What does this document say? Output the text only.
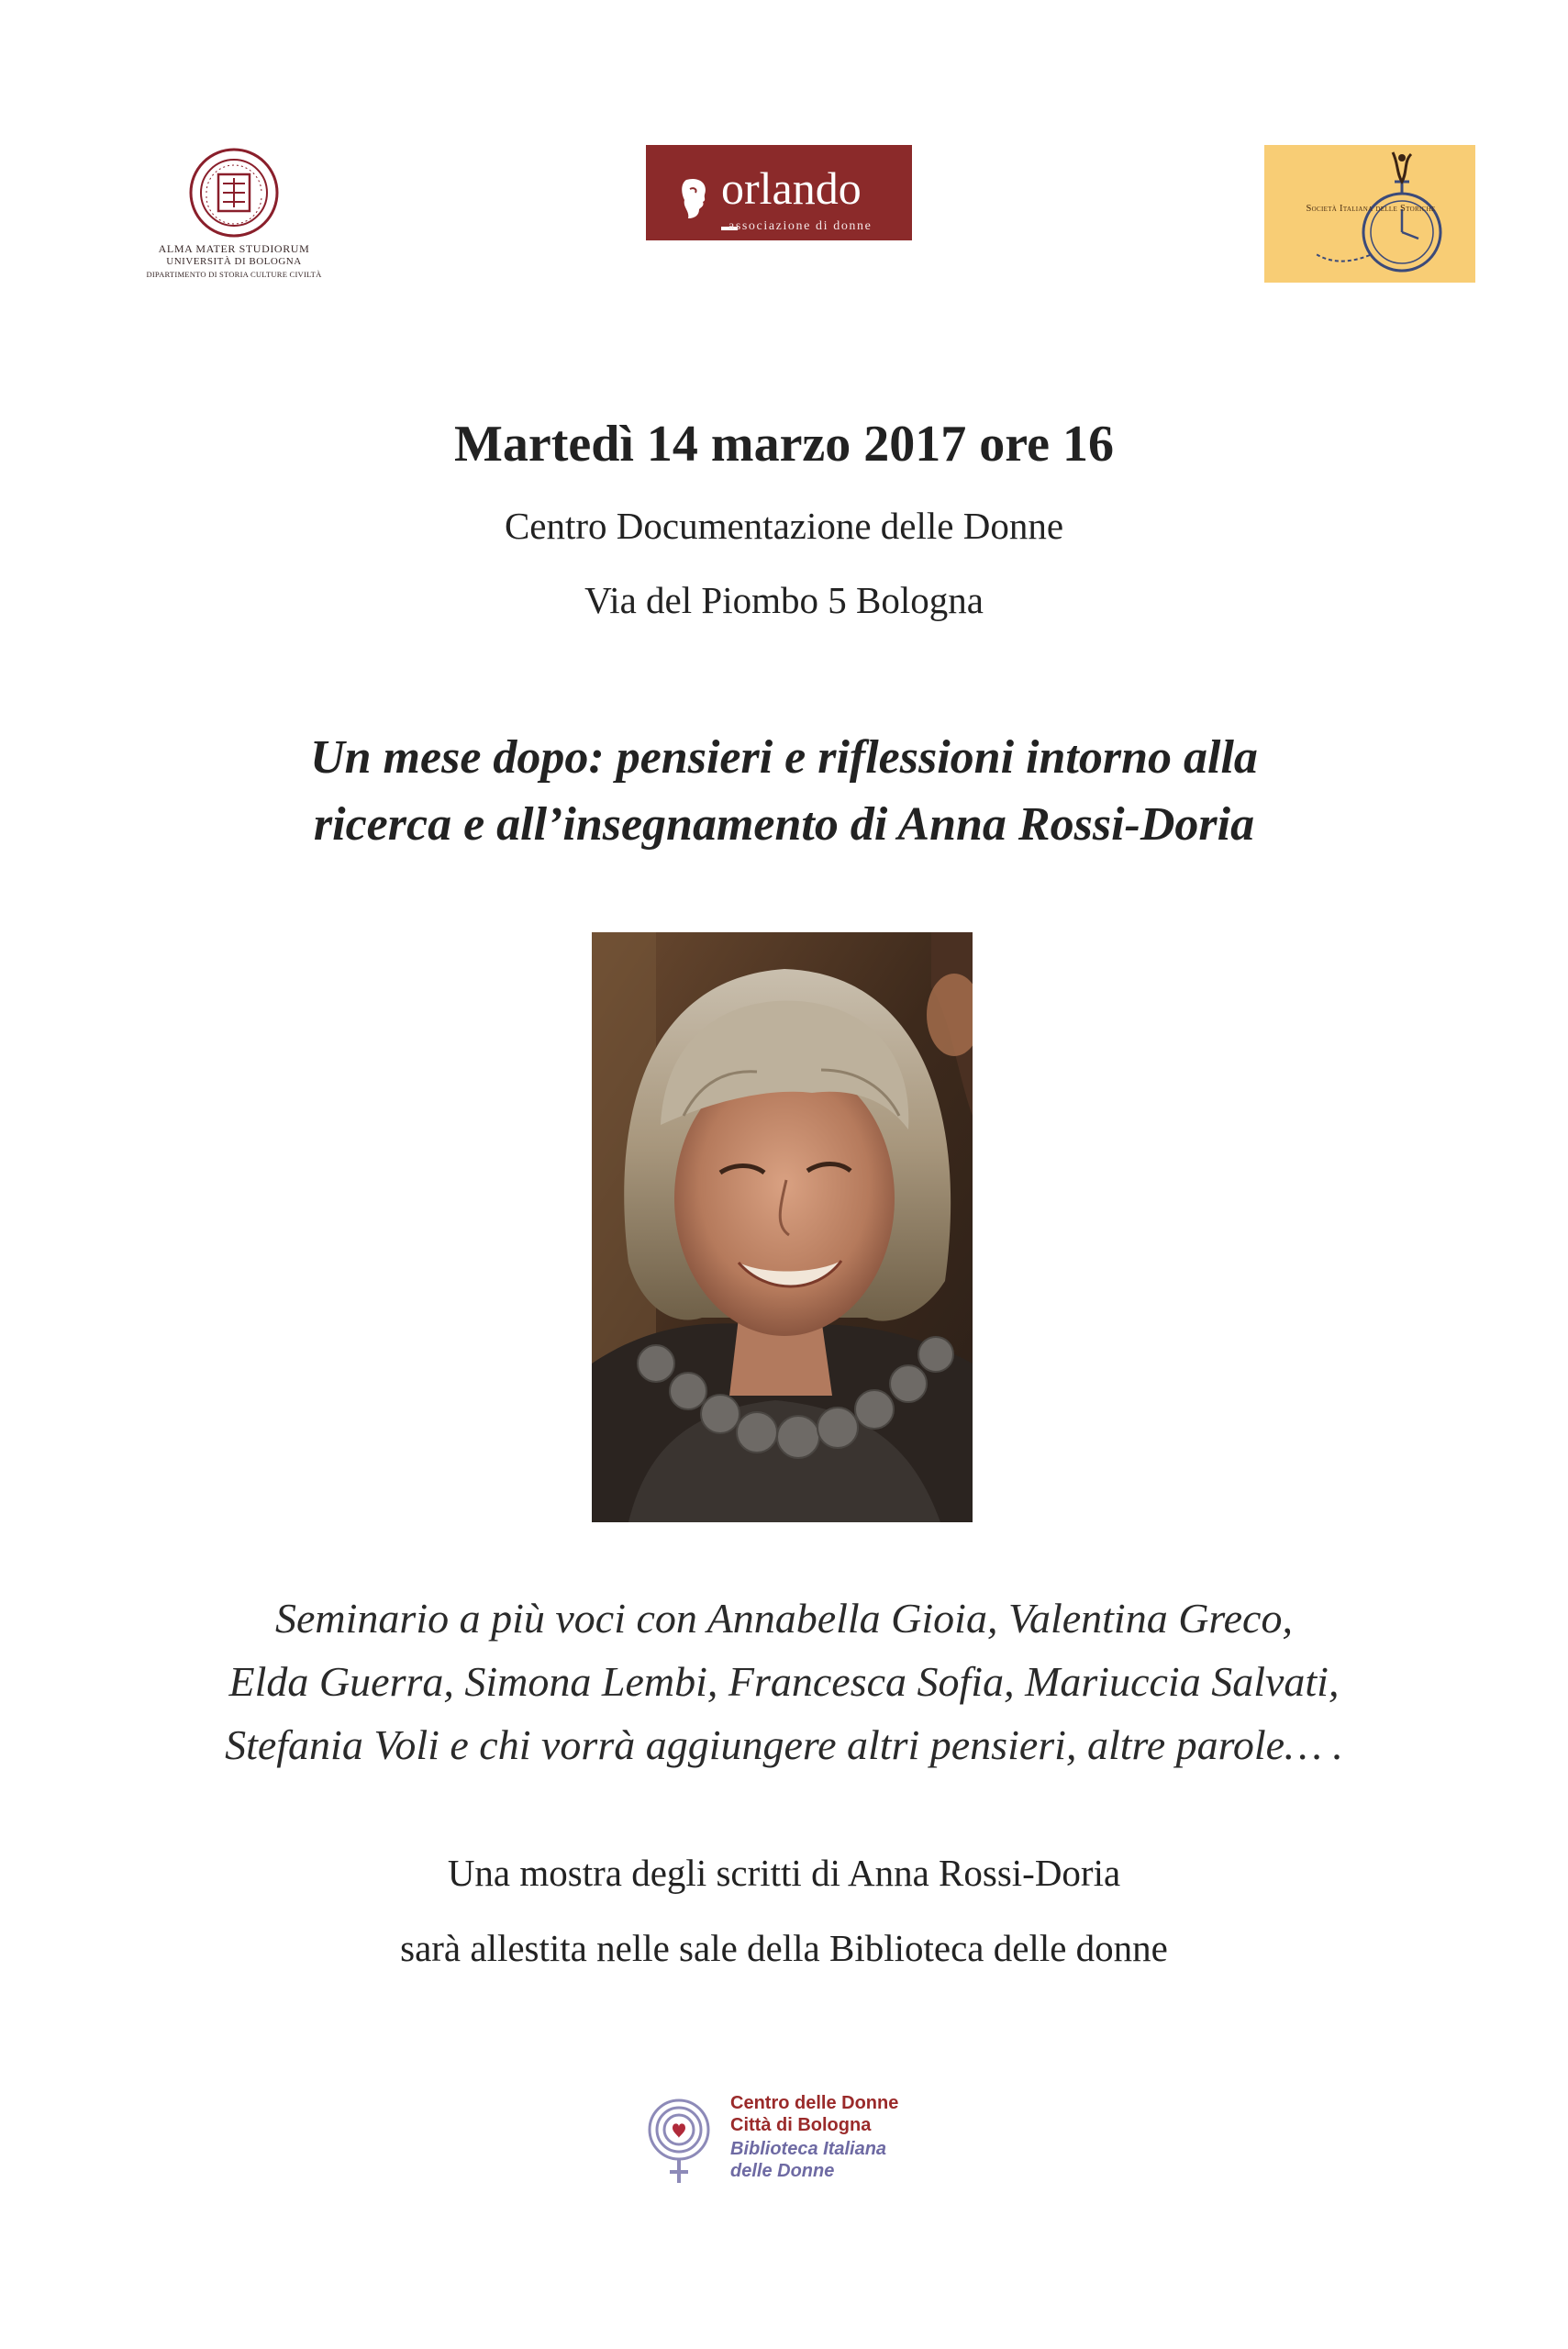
ALMA MATER STUDIORUM
UNIVERSITÀ DI BOLOGNA
DIPARTIMENTO DI STORIA CULTURE CIVILTÀ
orlando
associazione di donne
Società Italiana delle Storiche
Martedì 14 marzo 2017 ore 16
Centro Documentazione delle Donne
Via del Piombo 5 Bologna
Un mese dopo: pensieri e riflessioni intorno alla
ricerca e all’insegnamento di Anna Rossi-Doria
Seminario a più voci con Annabella Gioia, Valentina Greco,
Elda Guerra, Simona Lembi, Francesca Sofia, Mariuccia Salvati,
Stefania Voli e chi vorrà aggiungere altri pensieri, altre parole… .
Una mostra degli scritti di Anna Rossi-Doria
sarà allestita nelle sale della Biblioteca delle donne
Centro delle Donne
Città di Bologna
Biblioteca Italiana
delle Donne
